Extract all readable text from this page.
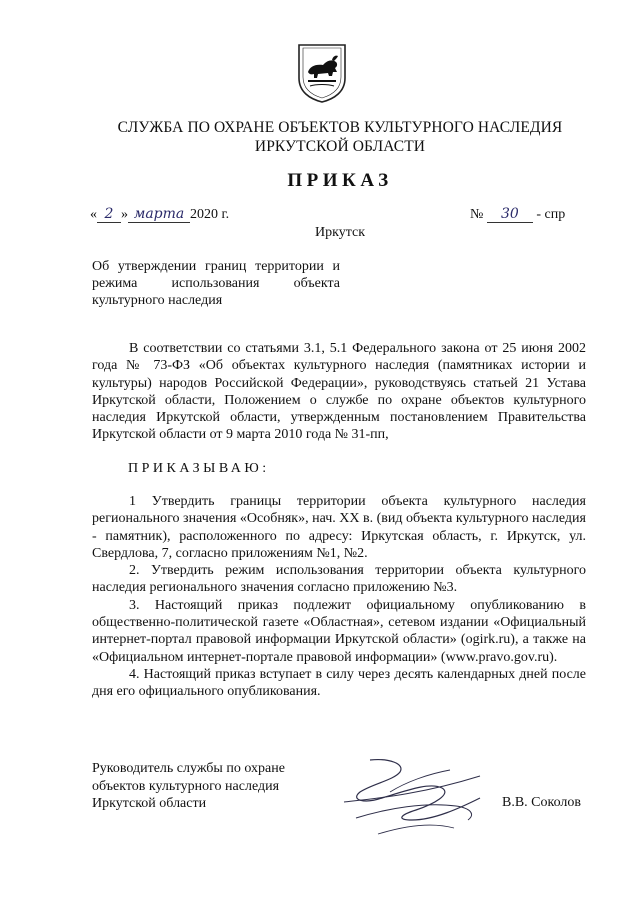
СЛУЖБА ПО ОХРАНЕ ОБЪЕКТОВ КУЛЬТУРНОГО НАСЛЕДИЯ
ИРКУТСКОЙ ОБЛАСТИ
ПРИКАЗ
« 2 » марта 2020 г.	№ 30 - спр
Иркутск
Об утверждении границ территории и режима использования объекта культурного наследия

В соответствии со статьями 3.1, 5.1 Федерального закона от 25 июня 2002 года № 73-ФЗ «Об объектах культурного наследия (памятниках истории и культуры) народов Российской Федерации», руководствуясь статьей 21 Устава Иркутской области, Положением о службе по охране объектов культурного наследия Иркутской области, утвержденным постановлением Правительства Иркутской области от 9 марта 2010 года № 31-пп,

ПРИКАЗЫВАЮ:

1 Утвердить границы территории объекта культурного наследия регионального значения «Особняк», нач. XX в. (вид объекта культурного наследия - памятник), расположенного по адресу: Иркутская область, г. Иркутск, ул. Свердлова, 7, согласно приложениям №1, №2.

2. Утвердить режим использования территории объекта культурного наследия регионального значения согласно приложению №3.

3. Настоящий приказ подлежит официальному опубликованию в общественно-политической газете «Областная», сетевом издании «Официальный интернет-портал правовой информации Иркутской области» (ogirk.ru), а также на «Официальном интернет-портале правовой информации» (www.pravo.gov.ru).

4. Настоящий приказ вступает в силу через десять календарных дней после дня его официального опубликования.

Руководитель службы по охране
объектов культурного наследия
Иркутской области	В.В. Соколов
